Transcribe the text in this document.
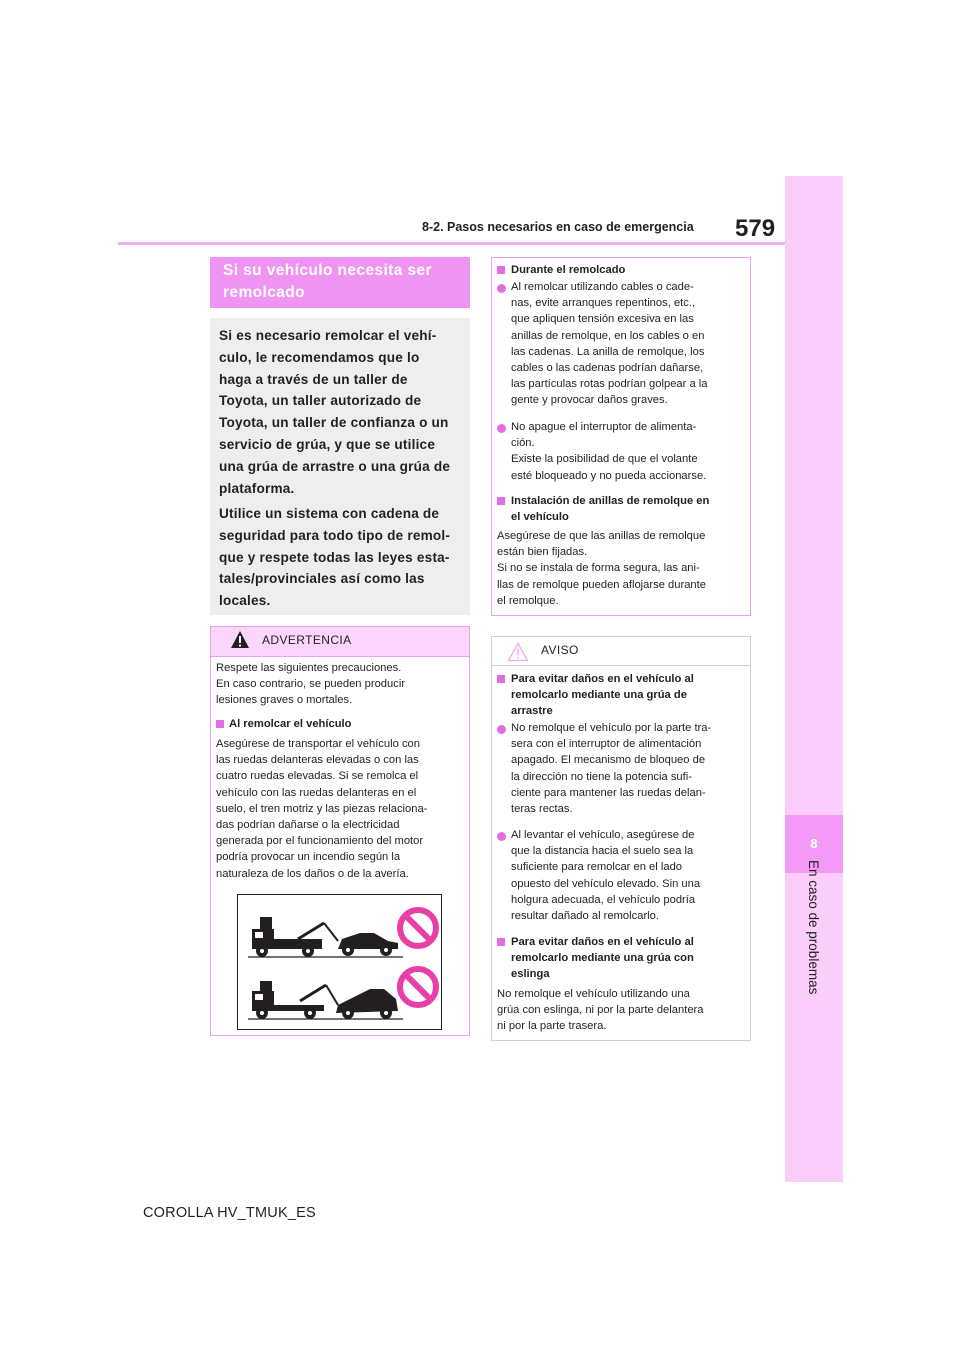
8-2. Pasos necesarios en caso de emergencia 579
8
En caso de problemas
Si su vehículo necesita ser
remolcado
Si es necesario remolcar el vehí-
culo, le recomendamos que lo
haga a través de un taller de
Toyota, un taller autorizado de
Toyota, un taller de confianza o un
servicio de grúa, y que se utilice
una grúa de arrastre o una grúa de
plataforma.
Utilice un sistema con cadena de
seguridad para todo tipo de remol-
que y respete todas las leyes esta-
tales/provinciales así como las
locales.
ADVERTENCIA
Respete las siguientes precauciones.
En caso contrario, se pueden producir
lesiones graves o mortales.
Al remolcar el vehículo
Asegúrese de transportar el vehículo con
las ruedas delanteras elevadas o con las
cuatro ruedas elevadas. Si se remolca el
vehículo con las ruedas delanteras en el
suelo, el tren motriz y las piezas relaciona-
das podrían dañarse o la electricidad
generada por el funcionamiento del motor
podría provocar un incendio según la
naturaleza de los daños o de la avería.
Durante el remolcado
Al remolcar utilizando cables o cade-
nas, evite arranques repentinos, etc.,
que apliquen tensión excesiva en las
anillas de remolque, en los cables o en
las cadenas. La anilla de remolque, los
cables o las cadenas podrían dañarse,
las partículas rotas podrían golpear a la
gente y provocar daños graves.
No apague el interruptor de alimenta-
ción.
Existe la posibilidad de que el volante
esté bloqueado y no pueda accionarse.
Instalación de anillas de remolque en
el vehículo
Asegúrese de que las anillas de remolque
están bien fijadas.
Si no se instala de forma segura, las ani-
llas de remolque pueden aflojarse durante
el remolque.
AVISO
Para evitar daños en el vehículo al
remolcarlo mediante una grúa de
arrastre
No remolque el vehículo por la parte tra-
sera con el interruptor de alimentación
apagado. El mecanismo de bloqueo de
la dirección no tiene la potencia sufi-
ciente para mantener las ruedas delan-
teras rectas.
Al levantar el vehículo, asegúrese de
que la distancia hacia el suelo sea la
suficiente para remolcar en el lado
opuesto del vehículo elevado. Sin una
holgura adecuada, el vehículo podría
resultar dañado al remolcarlo.
Para evitar daños en el vehículo al
remolcarlo mediante una grúa con
eslinga
No remolque el vehículo utilizando una
grúa con eslinga, ni por la parte delantera
ni por la parte trasera.
COROLLA HV_TMUK_ES
